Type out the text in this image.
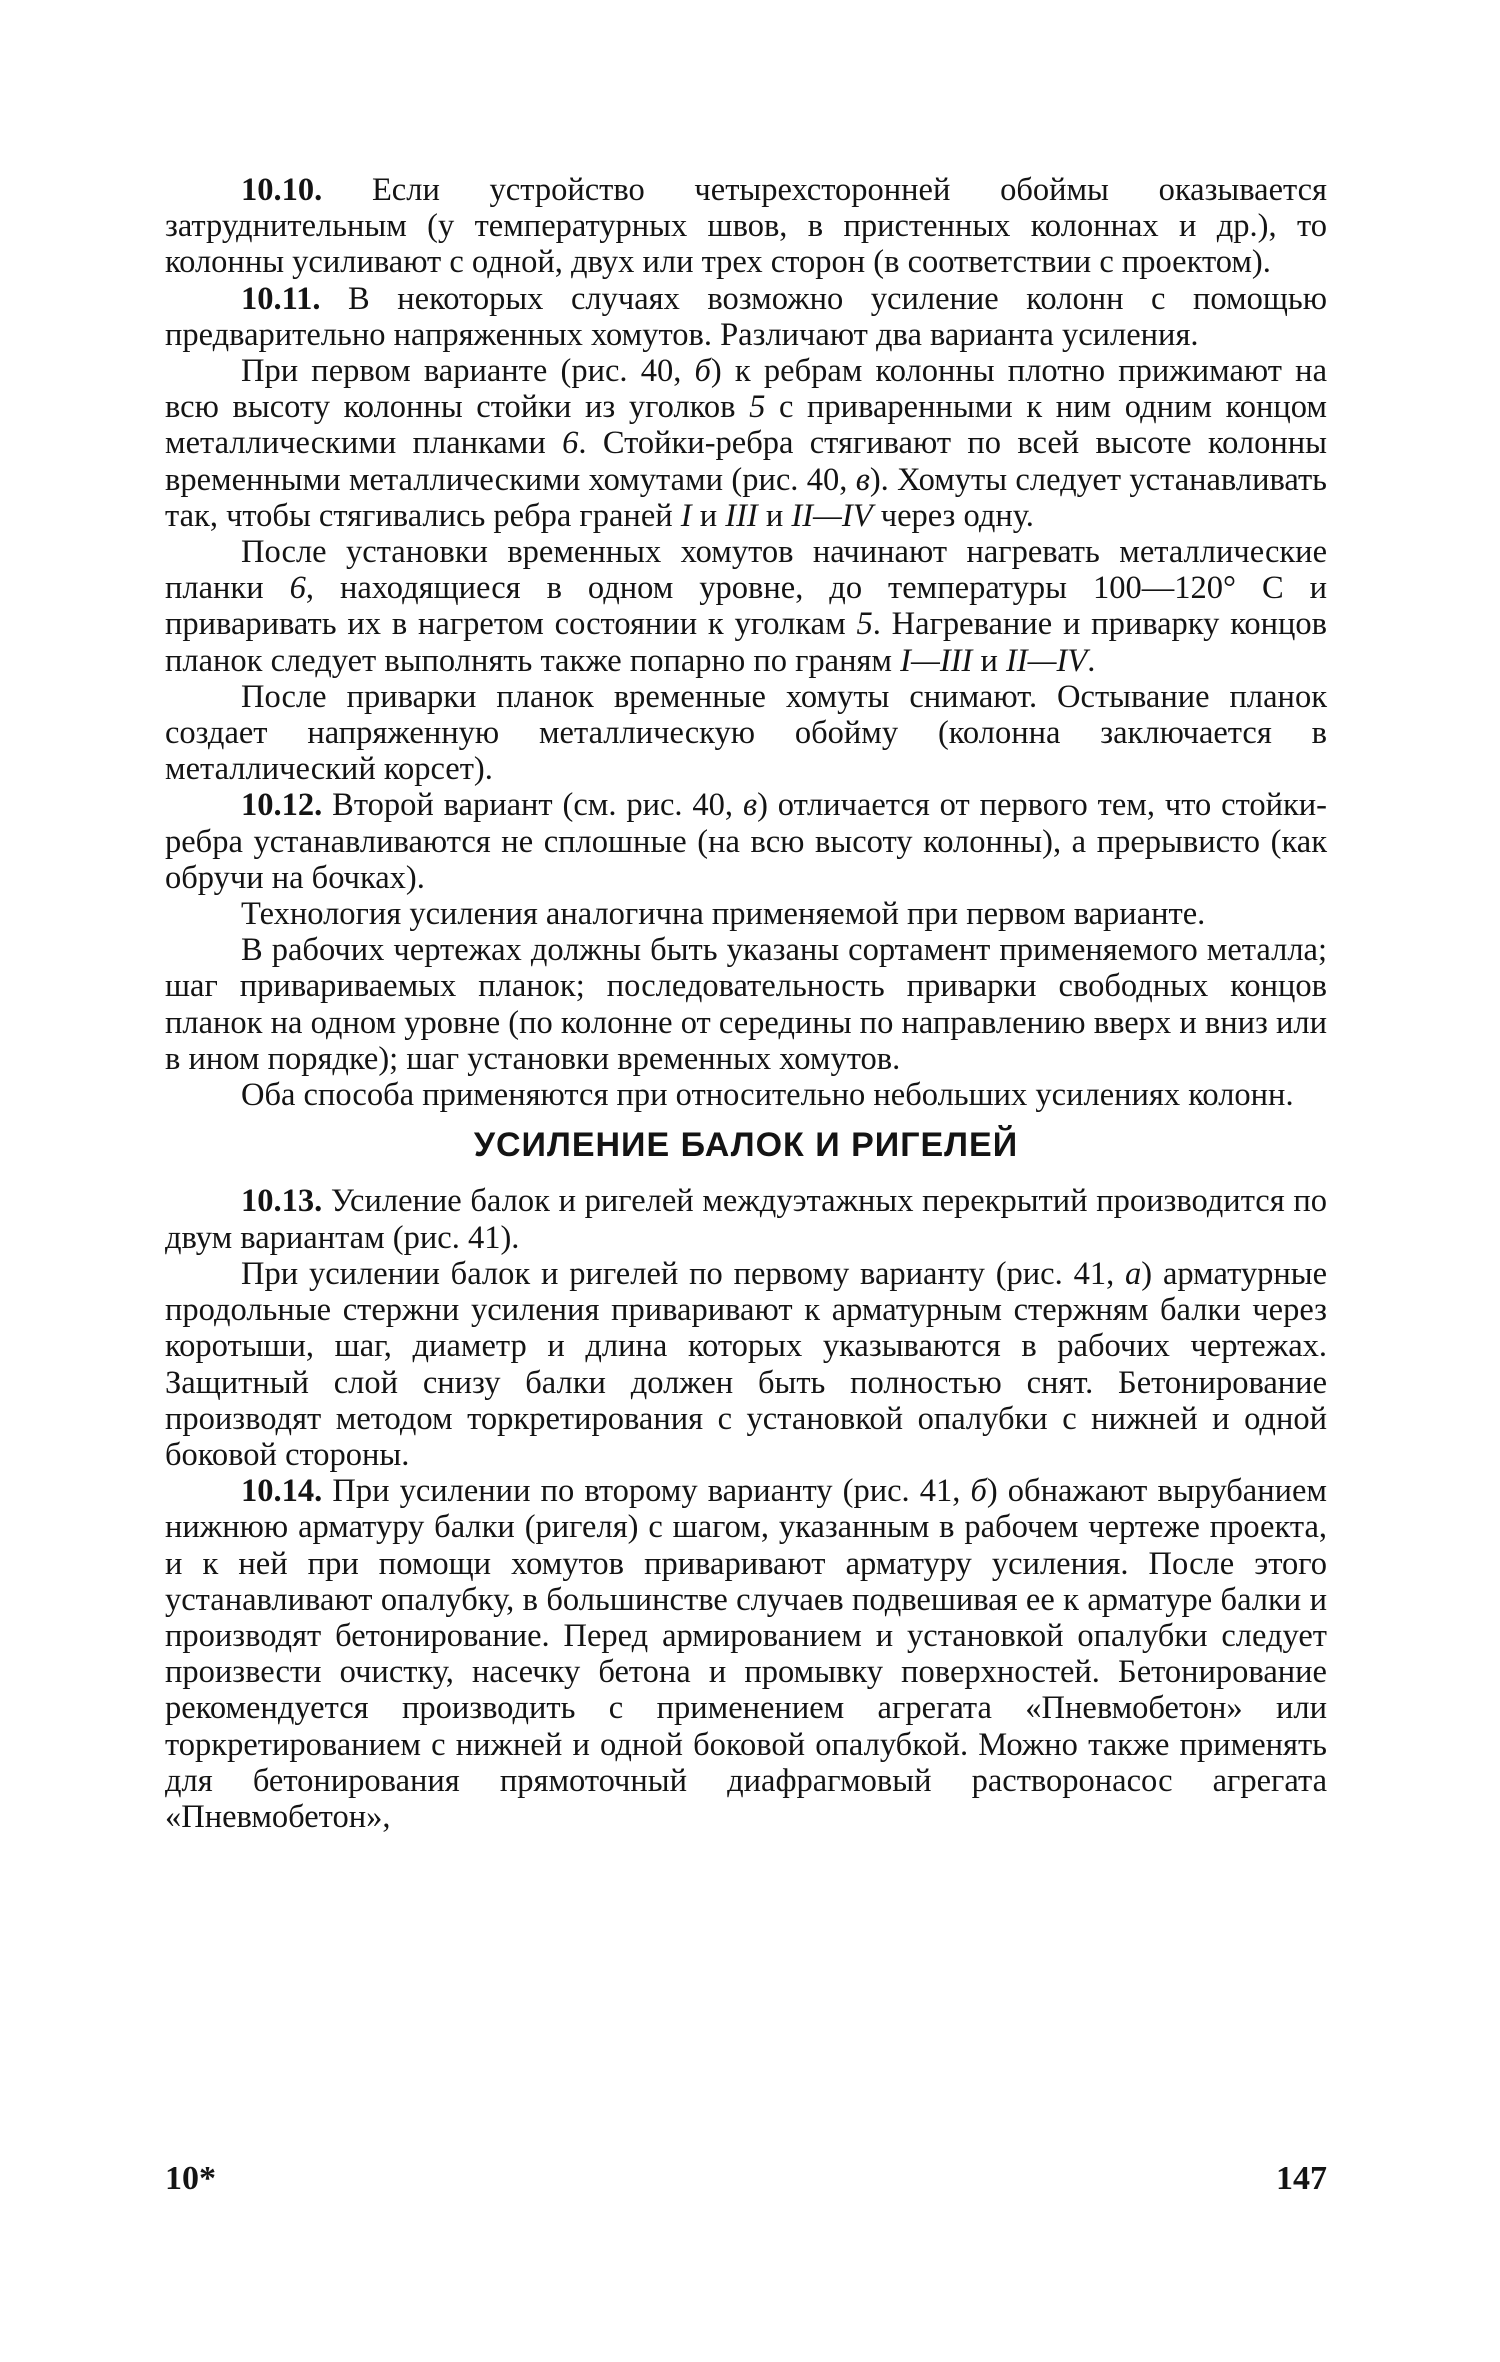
10.10. Если устройство четырехсторонней обоймы оказывается затруднительным (у температурных швов, в пристенных колоннах и др.), то колонны усиливают с одной, двух или трех сторон (в соответствии с проектом).

10.11. В некоторых случаях возможно усиление колонн с помощью предварительно напряженных хомутов. Различают два варианта усиления.

При первом варианте (рис. 40, б) к ребрам колонны плотно прижимают на всю высоту колонны стойки из уголков 5 с приваренными к ним одним концом металлическими планками 6. Стойки-ребра стягивают по всей высоте колонны временными металлическими хомутами (рис. 40, в). Хомуты следует устанавливать так, чтобы стягивались ребра граней I и III и II—IV через одну.

После установки временных хомутов начинают нагревать металлические планки 6, находящиеся в одном уровне, до температуры 100—120° С и приваривать их в нагретом состоянии к уголкам 5. Нагревание и приварку концов планок следует выполнять также попарно по граням I—III и II—IV.

После приварки планок временные хомуты снимают. Остывание планок создает напряженную металлическую обойму (колонна заключается в металлический корсет).

10.12. Второй вариант (см. рис. 40, в) отличается от первого тем, что стойки-ребра устанавливаются не сплошные (на всю высоту колонны), а прерывисто (как обручи на бочках).

Технология усиления аналогична применяемой при первом варианте.

В рабочих чертежах должны быть указаны сортамент применяемого металла; шаг привариваемых планок; последовательность приварки свободных концов планок на одном уровне (по колонне от середины по направлению вверх и вниз или в ином порядке); шаг установки временных хомутов.

Оба способа применяются при относительно небольших усилениях колонн.

УСИЛЕНИЕ БАЛОК И РИГЕЛЕЙ

10.13. Усиление балок и ригелей междуэтажных перекрытий производится по двум вариантам (рис. 41).

При усилении балок и ригелей по первому варианту (рис. 41, а) арматурные продольные стержни усиления приваривают к арматурным стержням балки через коротыши, шаг, диаметр и длина которых указываются в рабочих чертежах. Защитный слой снизу балки должен быть полностью снят. Бетонирование производят методом торкретирования с установкой опалубки с нижней и одной боковой стороны.

10.14. При усилении по второму варианту (рис. 41, б) обнажают вырубанием нижнюю арматуру балки (ригеля) с шагом, указанным в рабочем чертеже проекта, и к ней при помощи хомутов приваривают арматуру усиления. После этого устанавливают опалубку, в большинстве случаев подвешивая ее к арматуре балки и производят бетонирование. Перед армированием и установкой опалубки следует произвести очистку, насечку бетона и промывку поверхностей. Бетонирование рекомендуется производить с применением агрегата «Пневмобетон» или торкретированием с нижней и одной боковой опалубкой. Можно также применять для бетонирования прямоточный диафрагмовый растворонасос агрегата «Пневмобетон»,

10*	147
